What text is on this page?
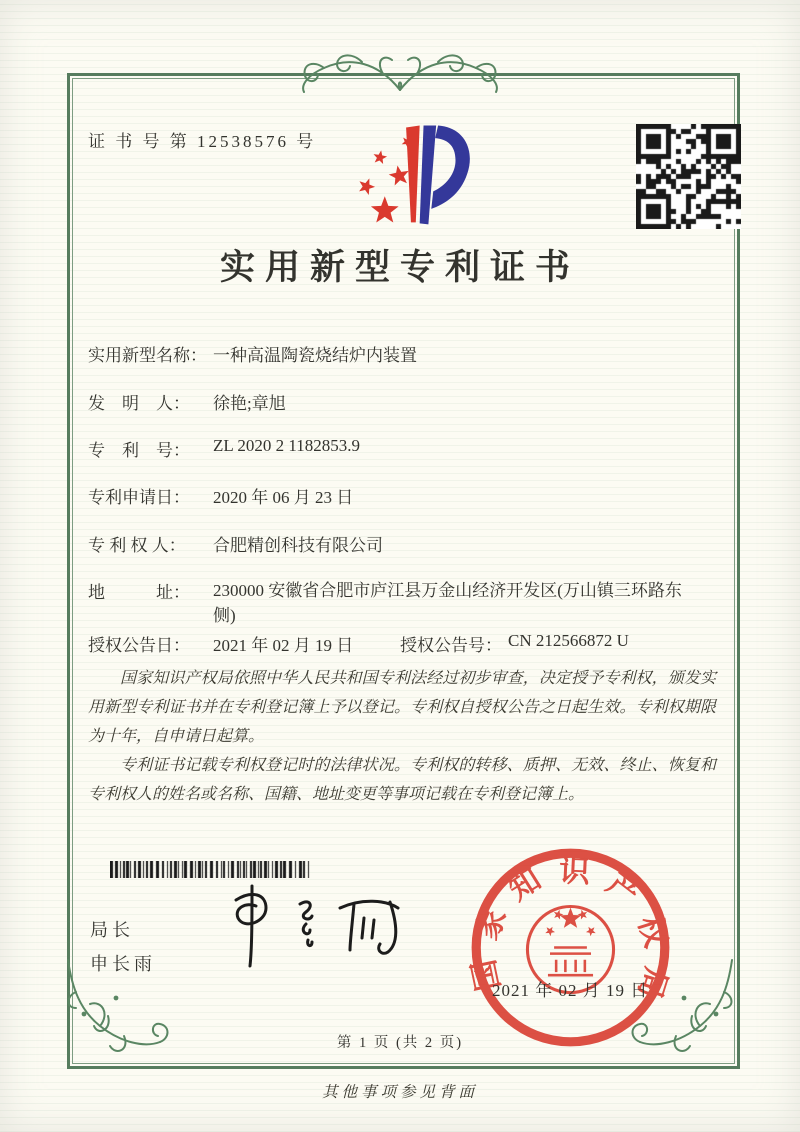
证 书 号 第 12538576 号
实用新型专利证书
实用新型名称： 一种高温陶瓷烧结炉内装置
发　明　人： 徐艳;章旭
专　利　号： ZL 2020 2 1182853.9
专利申请日： 2020 年 06 月 23 日
专 利 权 人： 合肥精创科技有限公司
地　　　址： 230000 安徽省合肥市庐江县万金山经济开发区(万山镇三环路东侧)
授权公告日： 2021 年 02 月 19 日	授权公告号： CN 212566872 U

国家知识产权局依照中华人民共和国专利法经过初步审查，决定授予专利权，颁发实用新型专利证书并在专利登记簿上予以登记。专利权自授权公告之日起生效。专利权期限为十年，自申请日起算。

专利证书记载专利权登记时的法律状况。专利权的转移、质押、无效、终止、恢复和专利权人的姓名或名称、国籍、地址变更等事项记载在专利登记簿上。

局长
申长雨	国家知识产权局
2021 年 02 月 19 日
第 1 页 (共 2 页)
其他事项参见背面
